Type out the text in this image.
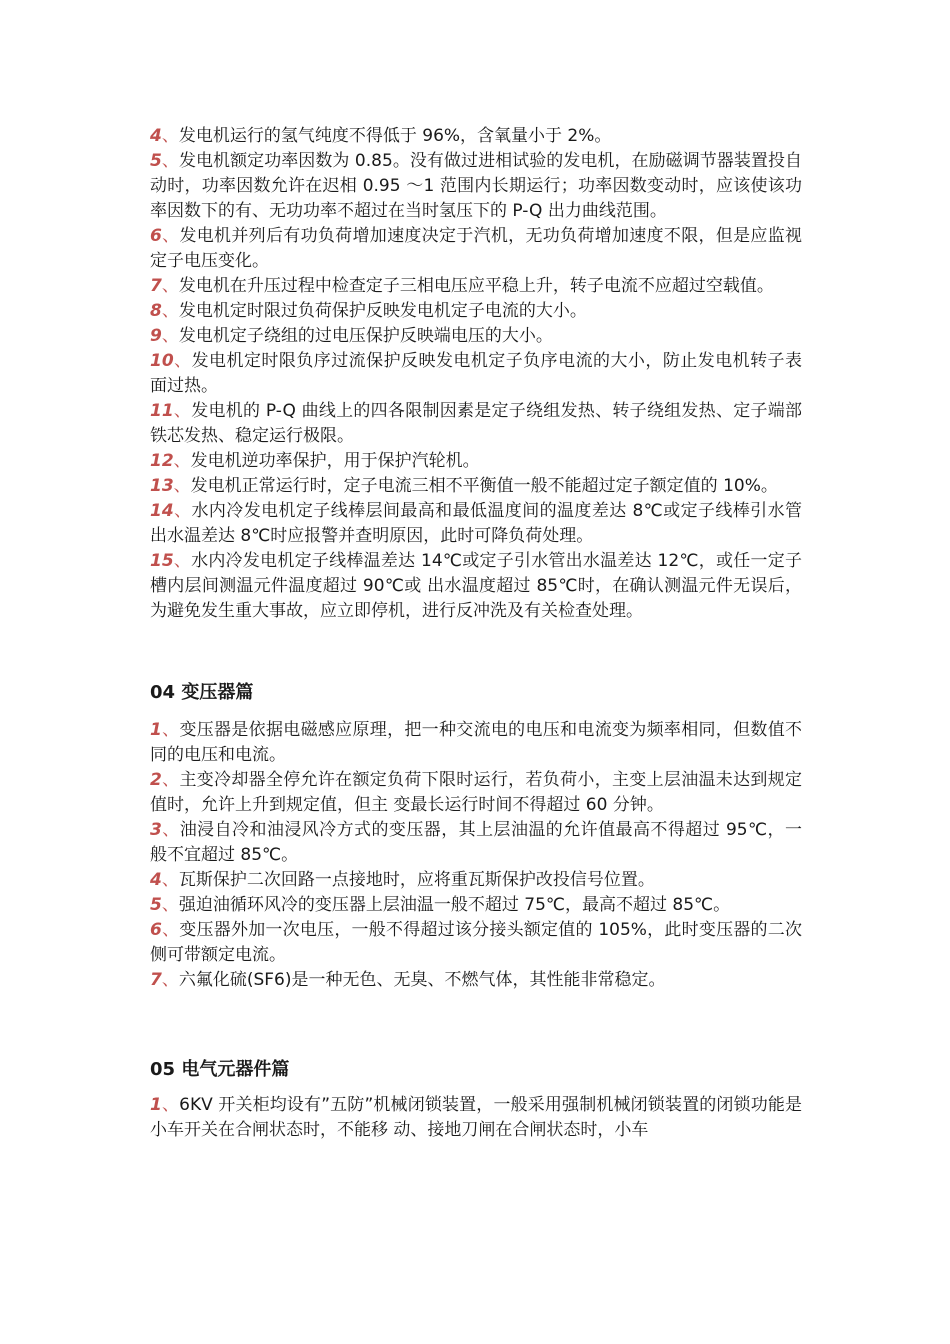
4、发电机运行的氢气纯度不得低于 96%，含氧量小于 2%。

5、发电机额定功率因数为 0.85。没有做过进相试验的发电机，在励磁调节器装置投自动时，功率因数允许在迟相 0.95 ～1 范围内长期运行；功率因数变动时，应该使该功率因数下的有、无功功率不超过在当时氢压下的 P-Q 出力曲线范围。

6、发电机并列后有功负荷增加速度决定于汽机，无功负荷增加速度不限，但是应监视定子电压变化。

7、发电机在升压过程中检查定子三相电压应平稳上升，转子电流不应超过空载值。

8、发电机定时限过负荷保护反映发电机定子电流的大小。

9、发电机定子绕组的过电压保护反映端电压的大小。

10、发电机定时限负序过流保护反映发电机定子负序电流的大小，防止发电机转子表面过热。

11、发电机的 P-Q 曲线上的四各限制因素是定子绕组发热、转子绕组发热、定子端部铁芯发热、稳定运行极限。

12、发电机逆功率保护，用于保护汽轮机。

13、发电机正常运行时，定子电流三相不平衡值一般不能超过定子额定值的 10%。

14、水内冷发电机定子线棒层间最高和最低温度间的温度差达 8℃或定子线棒引水管出水温差达 8℃时应报警并查明原因，此时可降负荷处理。

15、水内冷发电机定子线棒温差达 14℃或定子引水管出水温差达 12℃，或任一定子槽内层间测温元件温度超过 90℃或 出水温度超过 85℃时，在确认测温元件无误后，为避免发生重大事故，应立即停机，进行反冲洗及有关检查处理。

04 变压器篇

1、变压器是依据电磁感应原理，把一种交流电的电压和电流变为频率相同，但数值不同的电压和电流。

2、主变冷却器全停允许在额定负荷下限时运行，若负荷小，主变上层油温未达到规定值时，允许上升到规定值，但主 变最长运行时间不得超过 60 分钟。

3、油浸自冷和油浸风冷方式的变压器，其上层油温的允许值最高不得超过 95℃，一般不宜超过 85℃。

4、瓦斯保护二次回路一点接地时，应将重瓦斯保护改投信号位置。

5、强迫油循环风冷的变压器上层油温一般不超过 75℃，最高不超过 85℃。

6、变压器外加一次电压，一般不得超过该分接头额定值的 105%，此时变压器的二次侧可带额定电流。

7、六氟化硫(SF6)是一种无色、无臭、不燃气体，其性能非常稳定。

05 电气元器件篇

1、6KV 开关柜均设有”五防”机械闭锁装置，一般采用强制机械闭锁装置的闭锁功能是小车开关在合闸状态时，不能移 动、接地刀闸在合闸状态时，小车
